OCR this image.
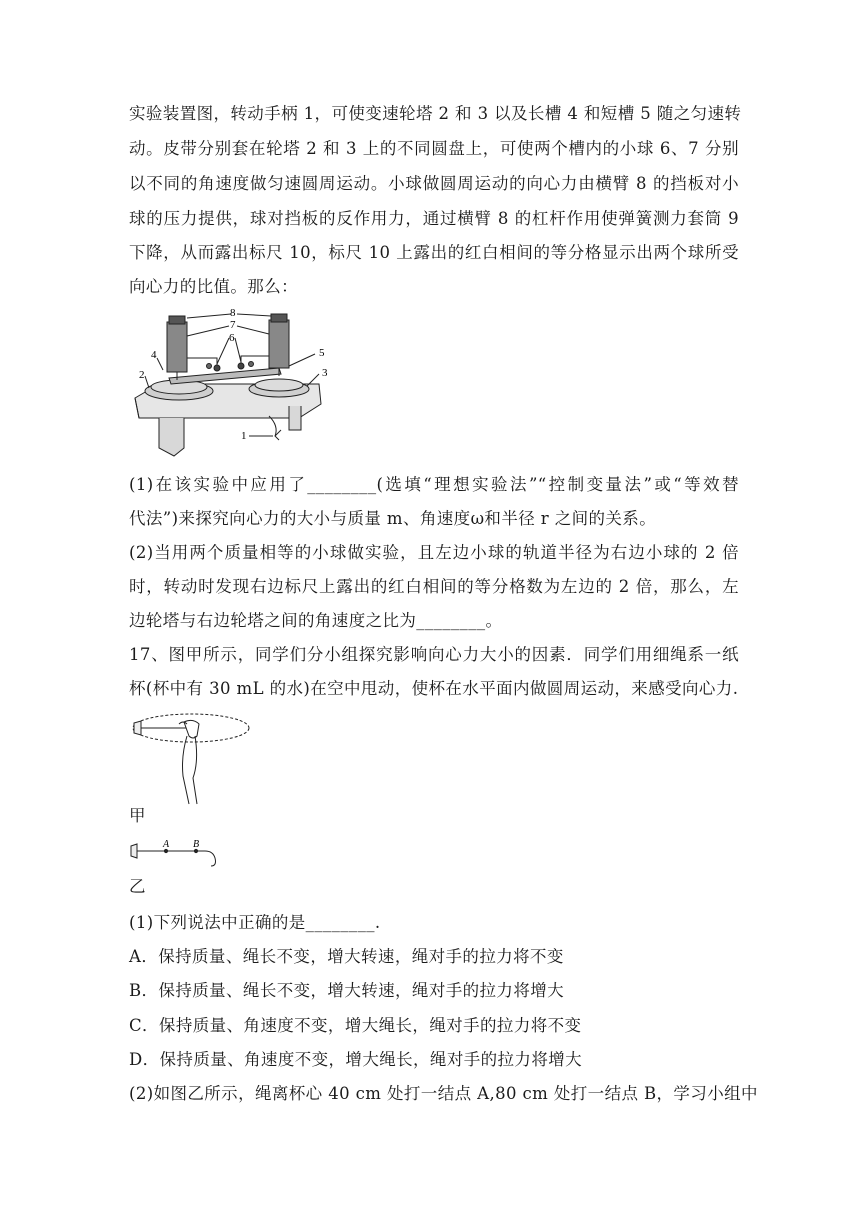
实验装置图，转动手柄 1，可使变速轮塔 2 和 3 以及长槽 4 和短槽 5 随之匀速转
动。皮带分别套在轮塔 2 和 3 上的不同圆盘上，可使两个槽内的小球 6、7 分别
以不同的角速度做匀速圆周运动。小球做圆周运动的向心力由横臂 8 的挡板对小
球的压力提供，球对挡板的反作用力，通过横臂 8 的杠杆作用使弹簧测力套筒 9
下降，从而露出标尺 10，标尺 10 上露出的红白相间的等分格显示出两个球所受
向心力的比值。那么：
8
7
6
5
4
3
2
1
(1)在该实验中应用了________(选填“理想实验法”“控制变量法”或“等效替
代法”)来探究向心力的大小与质量 m、角速度ω和半径 r 之间的关系。
(2)当用两个质量相等的小球做实验，且左边小球的轨道半径为右边小球的 2 倍
时，转动时发现右边标尺上露出的红白相间的等分格数为左边的 2 倍，那么，左
边轮塔与右边轮塔之间的角速度之比为________。
17、图甲所示，同学们分小组探究影响向心力大小的因素．同学们用细绳系一纸
杯(杯中有 30 mL 的水)在空中甩动，使杯在水平面内做圆周运动，来感受向心力.
甲
A B
乙
(1)下列说法中正确的是________.
A．保持质量、绳长不变，增大转速，绳对手的拉力将不变
B．保持质量、绳长不变，增大转速，绳对手的拉力将增大
C．保持质量、角速度不变，增大绳长，绳对手的拉力将不变
D．保持质量、角速度不变，增大绳长，绳对手的拉力将增大
(2)如图乙所示，绳离杯心 40 cm 处打一结点 A,80 cm 处打一结点 B，学习小组中
